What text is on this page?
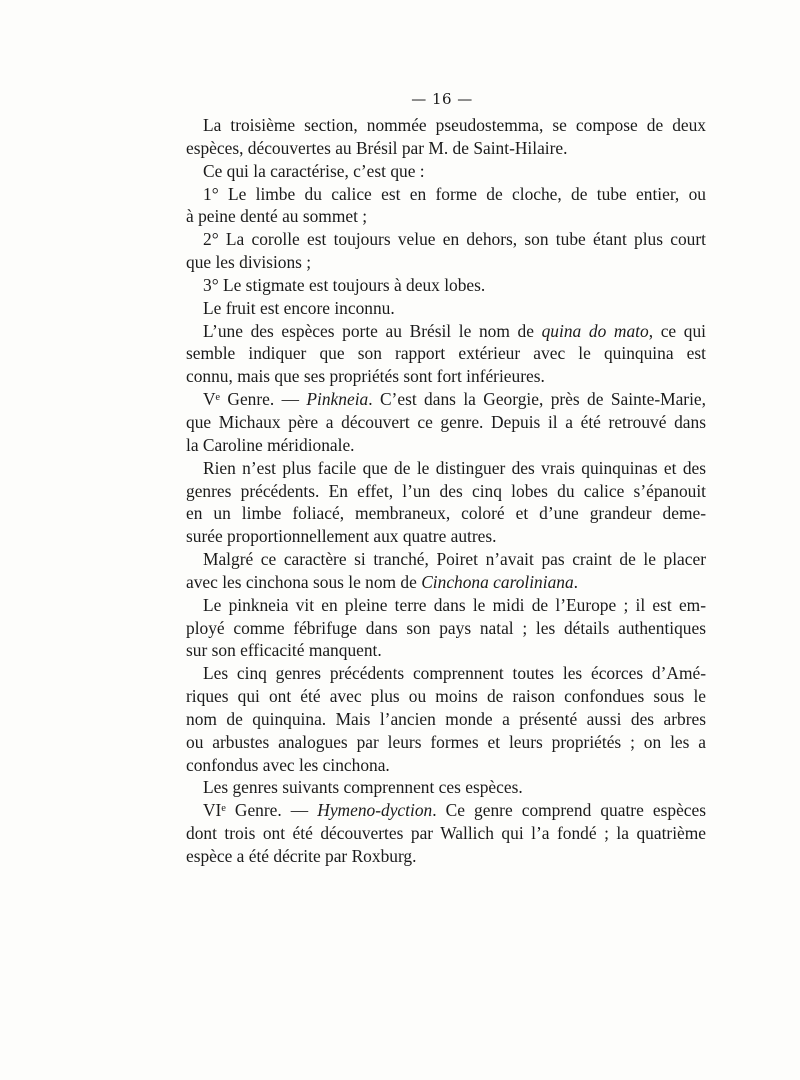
— 16 —
La troisième section, nommée pseudostemma, se compose de deux
espèces, découvertes au Brésil par M. de Saint-Hilaire.
Ce qui la caractérise, c’est que :
1° Le limbe du calice est en forme de cloche, de tube entier, ou
à peine denté au sommet ;
2° La corolle est toujours velue en dehors, son tube étant plus court
que les divisions ;
3° Le stigmate est toujours à deux lobes.
Le fruit est encore inconnu.
L’une des espèces porte au Brésil le nom de quina do mato, ce qui
semble indiquer que son rapport extérieur avec le quinquina est
connu, mais que ses propriétés sont fort inférieures.
Vᵉ Genre. — Pinkneia. C’est dans la Georgie, près de Sainte-Marie,
que Michaux père a découvert ce genre. Depuis il a été retrouvé dans
la Caroline méridionale.
Rien n’est plus facile que de le distinguer des vrais quinquinas et des
genres précédents. En effet, l’un des cinq lobes du calice s’épanouit
en un limbe foliacé, membraneux, coloré et d’une grandeur deme-
surée proportionnellement aux quatre autres.
Malgré ce caractère si tranché, Poiret n’avait pas craint de le placer
avec les cinchona sous le nom de Cinchona caroliniana.
Le pinkneia vit en pleine terre dans le midi de l’Europe ; il est em-
ployé comme fébrifuge dans son pays natal ; les détails authentiques
sur son efficacité manquent.
Les cinq genres précédents comprennent toutes les écorces d’Amé-
riques qui ont été avec plus ou moins de raison confondues sous le
nom de quinquina. Mais l’ancien monde a présenté aussi des arbres
ou arbustes analogues par leurs formes et leurs propriétés ; on les a
confondus avec les cinchona.
Les genres suivants comprennent ces espèces.
VIᵉ Genre. — Hymeno-dyction. Ce genre comprend quatre espèces
dont trois ont été découvertes par Wallich qui l’a fondé ; la quatrième
espèce a été décrite par Roxburg.
